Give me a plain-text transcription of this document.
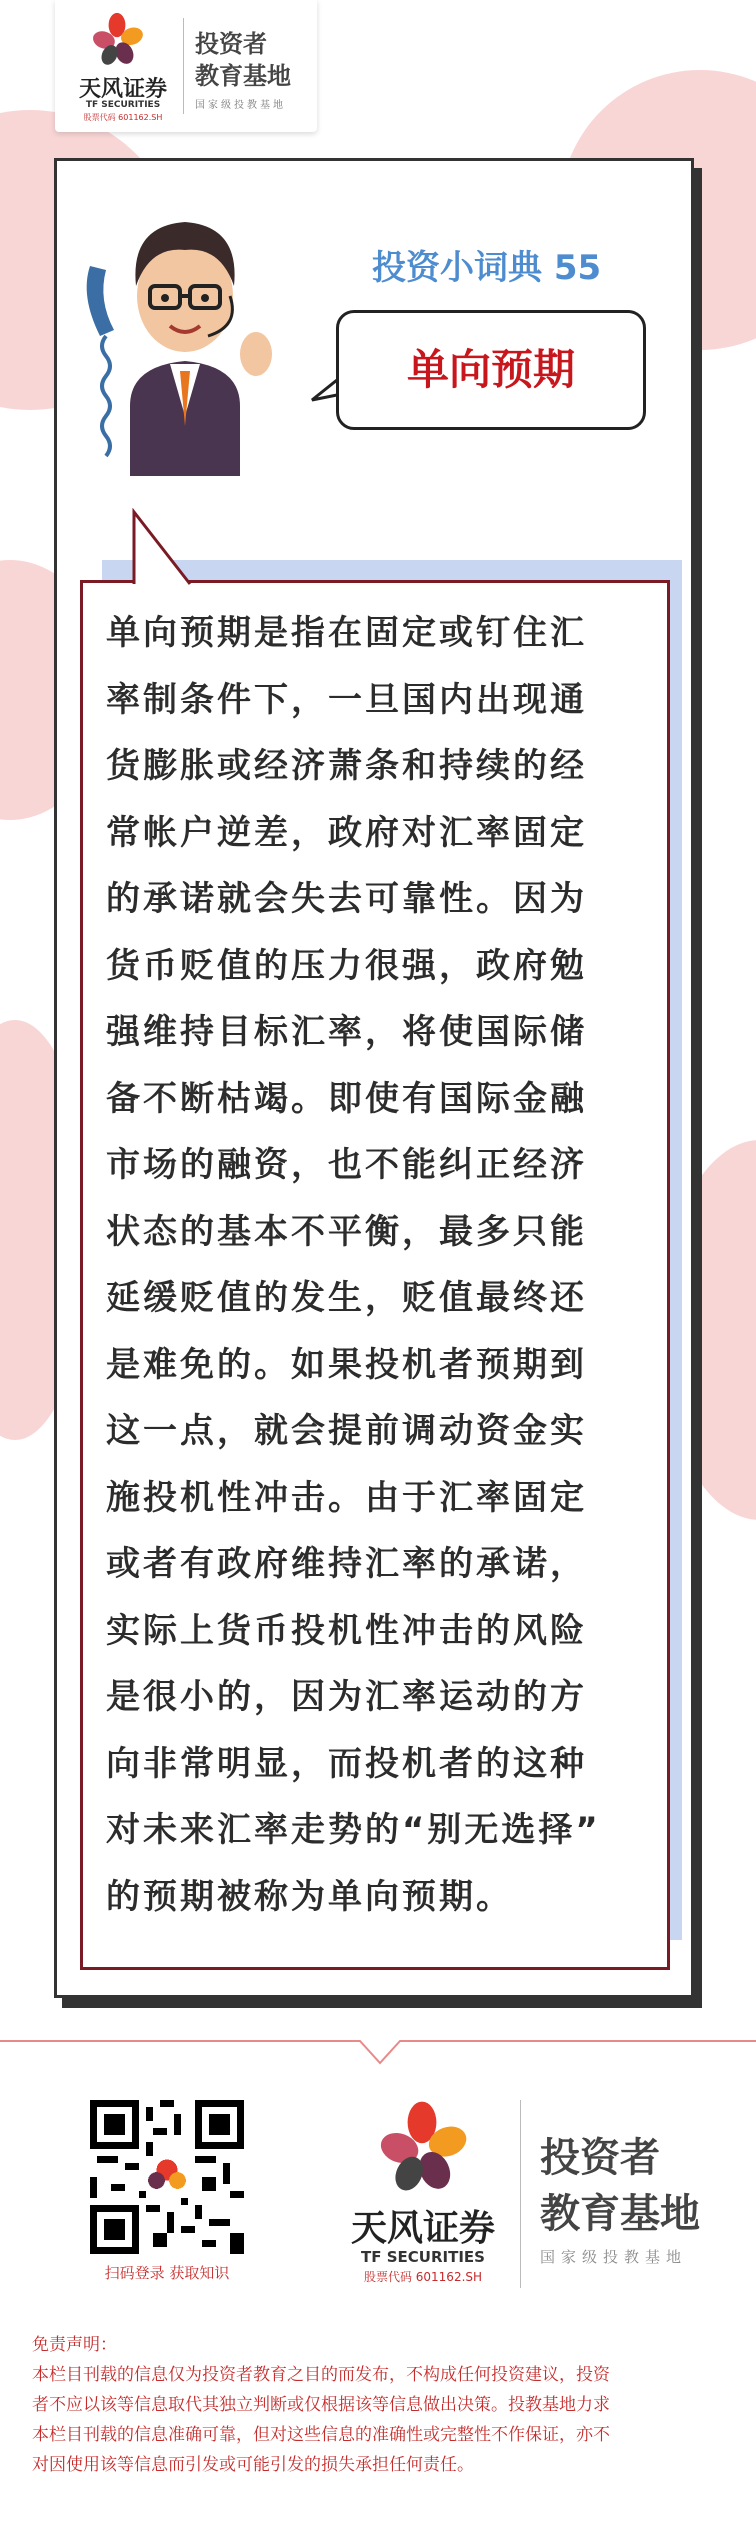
天风证券
TF SECURITIES
股票代码 601162.SH
投资者
教育基地
国家级投教基地
投资小词典 55
单向预期
单向预期是指在固定或钉住汇
率制条件下，一旦国内出现通
货膨胀或经济萧条和持续的经
常帐户逆差，政府对汇率固定
的承诺就会失去可靠性。因为
货币贬值的压力很强，政府勉
强维持目标汇率，将使国际储
备不断枯竭。即使有国际金融
市场的融资，也不能纠正经济
状态的基本不平衡，最多只能
延缓贬值的发生，贬值最终还
是难免的。如果投机者预期到
这一点，就会提前调动资金实
施投机性冲击。由于汇率固定
或者有政府维持汇率的承诺，
实际上货币投机性冲击的风险
是很小的，因为汇率运动的方
向非常明显，而投机者的这种
对未来汇率走势的“别无选择”
的预期被称为单向预期。
扫码登录 获取知识
天风证券
TF SECURITIES
股票代码 601162.SH
投资者
教育基地
国家级投教基地
免责声明：
本栏目刊载的信息仅为投资者教育之目的而发布，不构成任何投资建议，投资
者不应以该等信息取代其独立判断或仅根据该等信息做出决策。投教基地力求
本栏目刊载的信息准确可靠，但对这些信息的准确性或完整性不作保证，亦不
对因使用该等信息而引发或可能引发的损失承担任何责任。
